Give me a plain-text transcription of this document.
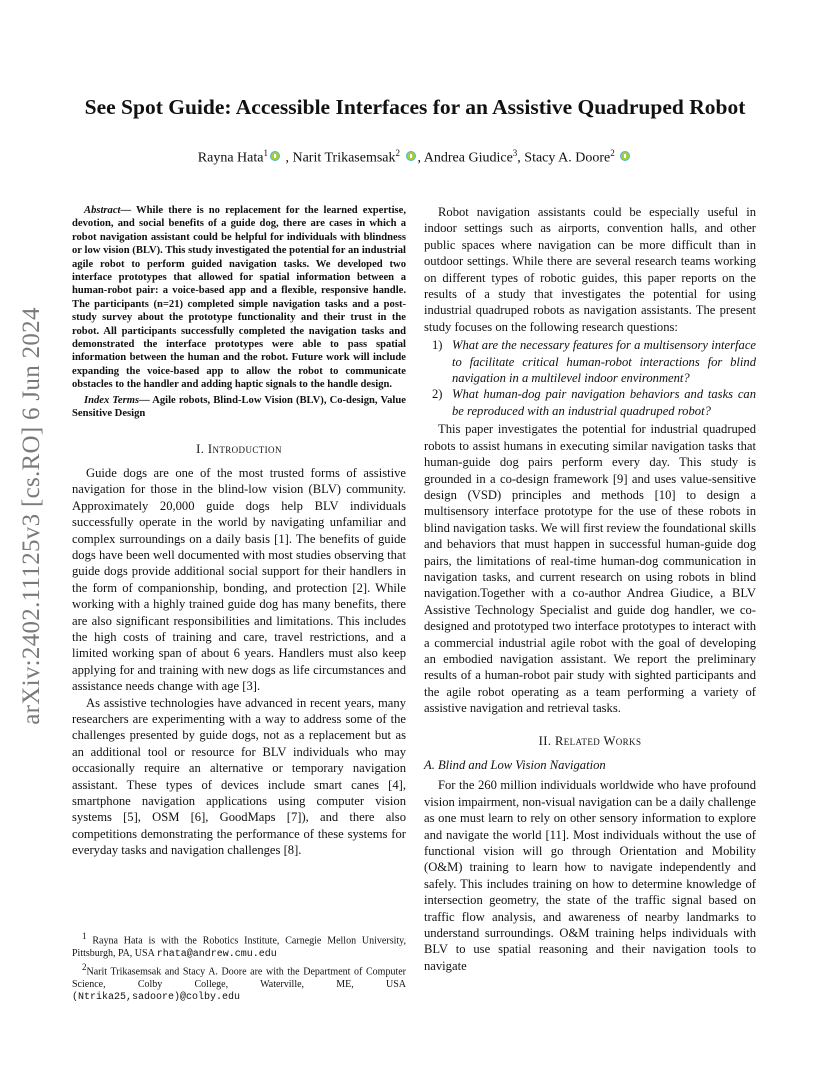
arXiv:2402.11125v3 [cs.RO] 6 Jun 2024
See Spot Guide: Accessible Interfaces for an Assistive Quadruped Robot
Rayna Hata$^1$ , Narit Trikasemsak$^2$ , Andrea Giudice$^3$, Stacy A. Doore$^2$

Abstract— While there is no replacement for the learned expertise, devotion, and social benefits of a guide dog, there are cases in which a robot navigation assistant could be helpful for individuals with blindness or low vision (BLV). This study investigated the potential for an industrial agile robot to perform guided navigation tasks. We developed two interface prototypes that allowed for spatial information between a human-robot pair: a voice-based app and a flexible, responsive handle. The participants (n=21) completed simple navigation tasks and a post-study survey about the prototype functionality and their trust in the robot. All participants successfully completed the navigation tasks and demonstrated the interface prototypes were able to pass spatial information between the human and the robot. Future work will include expanding the voice-based app to allow the robot to communicate obstacles to the handler and adding haptic signals to the handle design.

Index Terms— Agile robots, Blind-Low Vision (BLV), Co-design, Value Sensitive Design

I. Introduction

Guide dogs are one of the most trusted forms of assistive navigation for those in the blind-low vision (BLV) community. Approximately 20,000 guide dogs help BLV individuals successfully operate in the world by navigating unfamiliar and complex surroundings on a daily basis [1]. The benefits of guide dogs have been well documented with most studies observing that guide dogs provide additional social support for their handlers in the form of companionship, bonding, and protection [2]. While working with a highly trained guide dog has many benefits, there are also significant responsibilities and limitations. This includes the high costs of training and care, travel restrictions, and a limited working span of about 6 years. Handlers must also keep applying for and training with new dogs as life circumstances and assistance needs change with age [3].

As assistive technologies have advanced in recent years, many researchers are experimenting with a way to address some of the challenges presented by guide dogs, not as a replacement but as an additional tool or resource for BLV individuals who may occasionally require an alternative or temporary navigation assistant. These types of devices include smart canes [4], smartphone navigation applications using computer vision systems [5], OSM [6], GoodMaps [7]), and there also competitions demonstrating the performance of these systems for everyday tasks and navigation challenges [8].

Robot navigation assistants could be especially useful in indoor settings such as airports, convention halls, and other public spaces where navigation can be more difficult than in outdoor settings. While there are several research teams working on different types of robotic guides, this paper reports on the results of a study that investigates the potential for using industrial quadruped robots as navigation assistants. The present study focuses on the following research questions:

1) What are the necessary features for a multisensory interface to facilitate critical human-robot interactions for blind navigation in a multilevel indoor environment?
2) What human-dog pair navigation behaviors and tasks can be reproduced with an industrial quadruped robot?

This paper investigates the potential for industrial quadruped robots to assist humans in executing similar navigation tasks that human-guide dog pairs perform every day. This study is grounded in a co-design framework [9] and uses value-sensitive design (VSD) principles and methods [10] to design a multisensory interface prototype for the use of these robots in blind navigation tasks. We will first review the foundational skills and behaviors that must happen in successful human-guide dog pairs, the limitations of real-time human-dog communication in navigation tasks, and current research on using robots in blind navigation.Together with a co-author Andrea Giudice, a BLV Assistive Technology Specialist and guide dog handler, we co-designed and prototyped two interface prototypes to interact with a commercial industrial agile robot with the goal of developing an embodied navigation assistant. We report the preliminary results of a human-robot pair study with sighted participants and the agile robot operating as a team performing a variety of assistive navigation and retrieval tasks.

II. Related Works
A. Blind and Low Vision Navigation

For the 260 million individuals worldwide who have profound vision impairment, non-visual navigation can be a daily challenge as one must learn to rely on other sensory information to explore and navigate the world [11]. Most individuals without the use of functional vision will go through Orientation and Mobility (O&M) training to learn how to navigate independently and safely. This includes training on how to determine knowledge of intersection geometry, the state of the traffic signal based on traffic flow analysis, and awareness of nearby landmarks to understand surroundings. O&M training helps individuals with BLV to use spatial reasoning and their navigation tools to navigate

$^1$ Rayna Hata is with the Robotics Institute, Carnegie Mellon University, Pittsburgh, PA, USA rhata@andrew.cmu.edu

$^2$Narit Trikasemsak and Stacy A. Doore are with the Department of Computer Science, Colby College, Waterville, ME, USA (Ntrika25,sadoore)@colby.edu
